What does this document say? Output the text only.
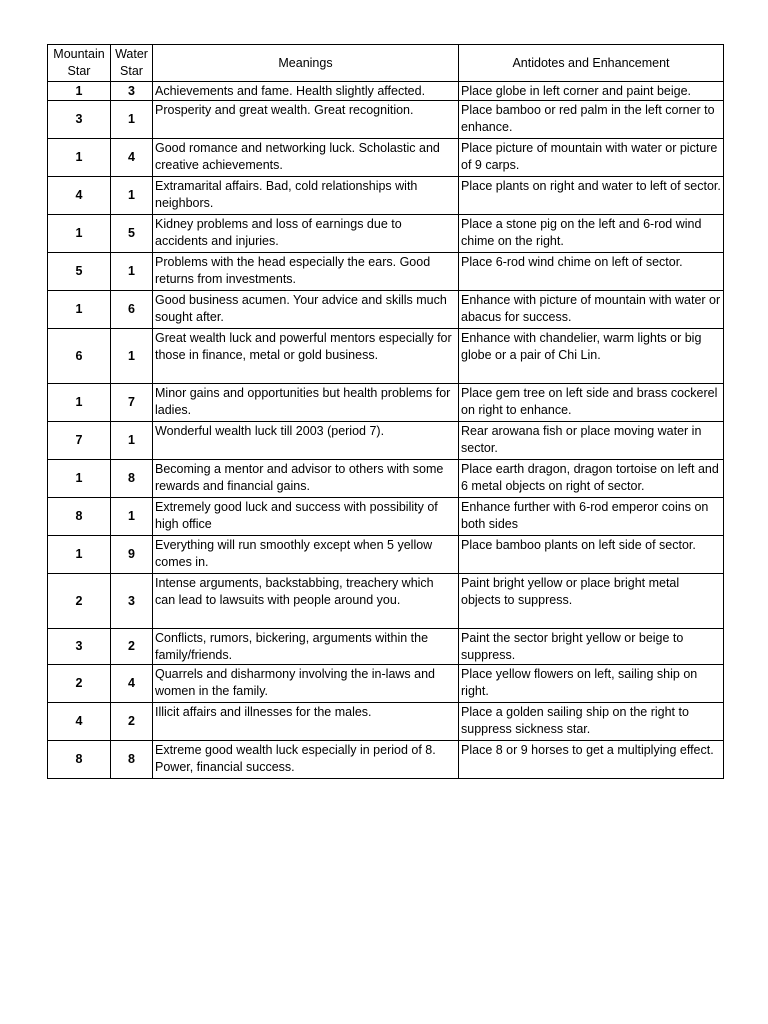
Mountain Star	Water Star	Meanings	Antidotes and Enhancement
1	3	Achievements and fame. Health slightly affected.	Place globe in left corner and paint beige.
3	1	Prosperity and great wealth. Great recognition.	Place bamboo or red palm in the left corner to enhance.
1	4	Good romance and networking luck. Scholastic and creative achievements.	Place picture of mountain with water or picture of 9 carps.
4	1	Extramarital affairs. Bad, cold relationships with neighbors.	Place plants on right and water to left of sector.
1	5	Kidney problems and loss of earnings due to accidents and injuries.	Place a stone pig on the left and 6-rod wind chime on the right.
5	1	Problems with the head especially the ears. Good returns from investments.	Place 6-rod wind chime on left of sector.
1	6	Good business acumen. Your advice and skills much sought after.	Enhance with picture of mountain with water or abacus for success.
6	1	Great wealth luck and powerful mentors especially for those in finance, metal or gold business.	Enhance with chandelier, warm lights or big globe or a pair of Chi Lin.
1	7	Minor gains and opportunities but health problems for ladies.	Place gem tree on left side and brass cockerel on right to enhance.
7	1	Wonderful wealth luck till 2003 (period 7).	Rear arowana fish or place moving water in sector.
1	8	Becoming a mentor and advisor to others with some rewards and financial gains.	Place earth dragon, dragon tortoise on left and 6 metal objects on right of sector.
8	1	Extremely good luck and success with possibility of high office	Enhance further with 6-rod emperor coins on both sides
1	9	Everything will run smoothly except when 5 yellow comes in.	Place bamboo plants on left side of sector.
2	3	Intense arguments, backstabbing, treachery which can lead to lawsuits with people around you.	Paint bright yellow or place bright metal objects to suppress.
3	2	Conflicts, rumors, bickering, arguments within the family/friends.	Paint the sector bright yellow or beige to suppress.
2	4	Quarrels and disharmony involving the in-laws and women in the family.	Place yellow flowers on left, sailing ship on right.
4	2	Illicit affairs and illnesses for the males.	Place a golden sailing ship on the right to suppress sickness star.
8	8	Extreme good wealth luck especially in period of 8. Power, financial success.	Place 8 or 9 horses to get a multiplying effect.
